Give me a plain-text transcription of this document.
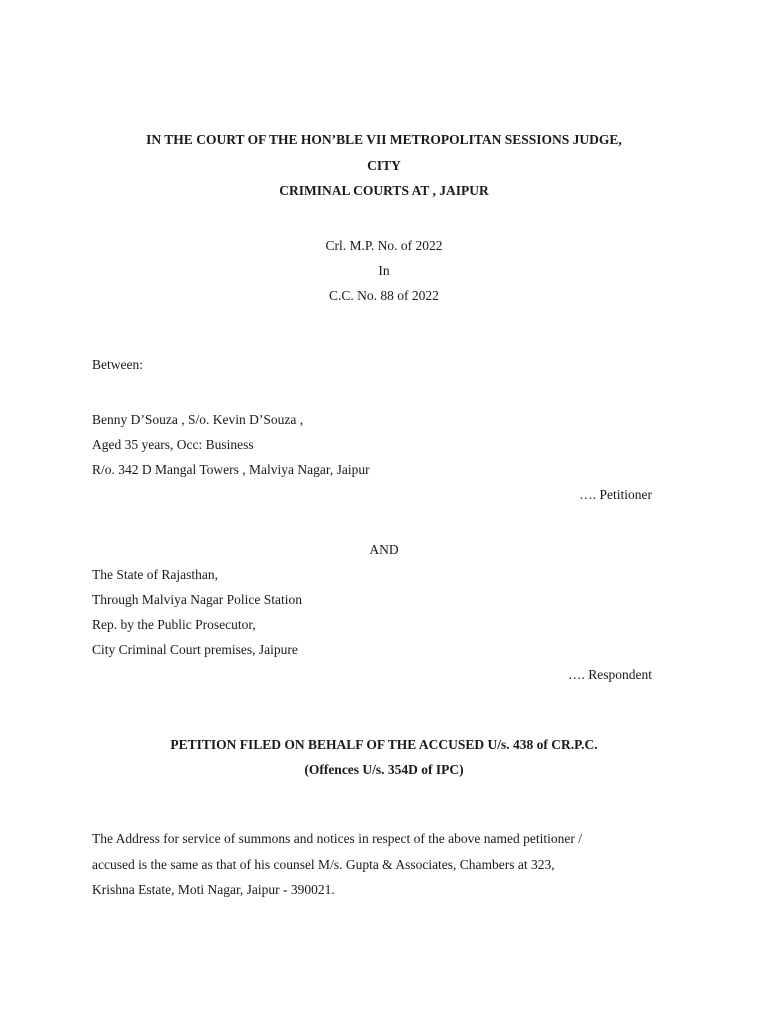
IN THE COURT OF THE HON’BLE VII METROPOLITAN SESSIONS JUDGE,
CITY
CRIMINAL COURTS AT , JAIPUR
Crl. M.P. No. of 2022
In
C.C. No. 88 of 2022
Between:
Benny D’Souza , S/o. Kevin D’Souza ,
Aged 35 years, Occ: Business
R/o. 342 D Mangal Towers , Malviya Nagar, Jaipur
…. Petitioner
AND
The State of Rajasthan,
Through Malviya Nagar Police Station
Rep. by the Public Prosecutor,
City Criminal Court premises, Jaipure
…. Respondent
PETITION FILED ON BEHALF OF THE ACCUSED U/s. 438 of CR.P.C.
(Offences U/s. 354D of IPC)
The Address for service of summons and notices in respect of the above named petitioner /
accused is the same as that of his counsel M/s. Gupta & Associates, Chambers at 323,
Krishna Estate, Moti Nagar, Jaipur - 390021.
